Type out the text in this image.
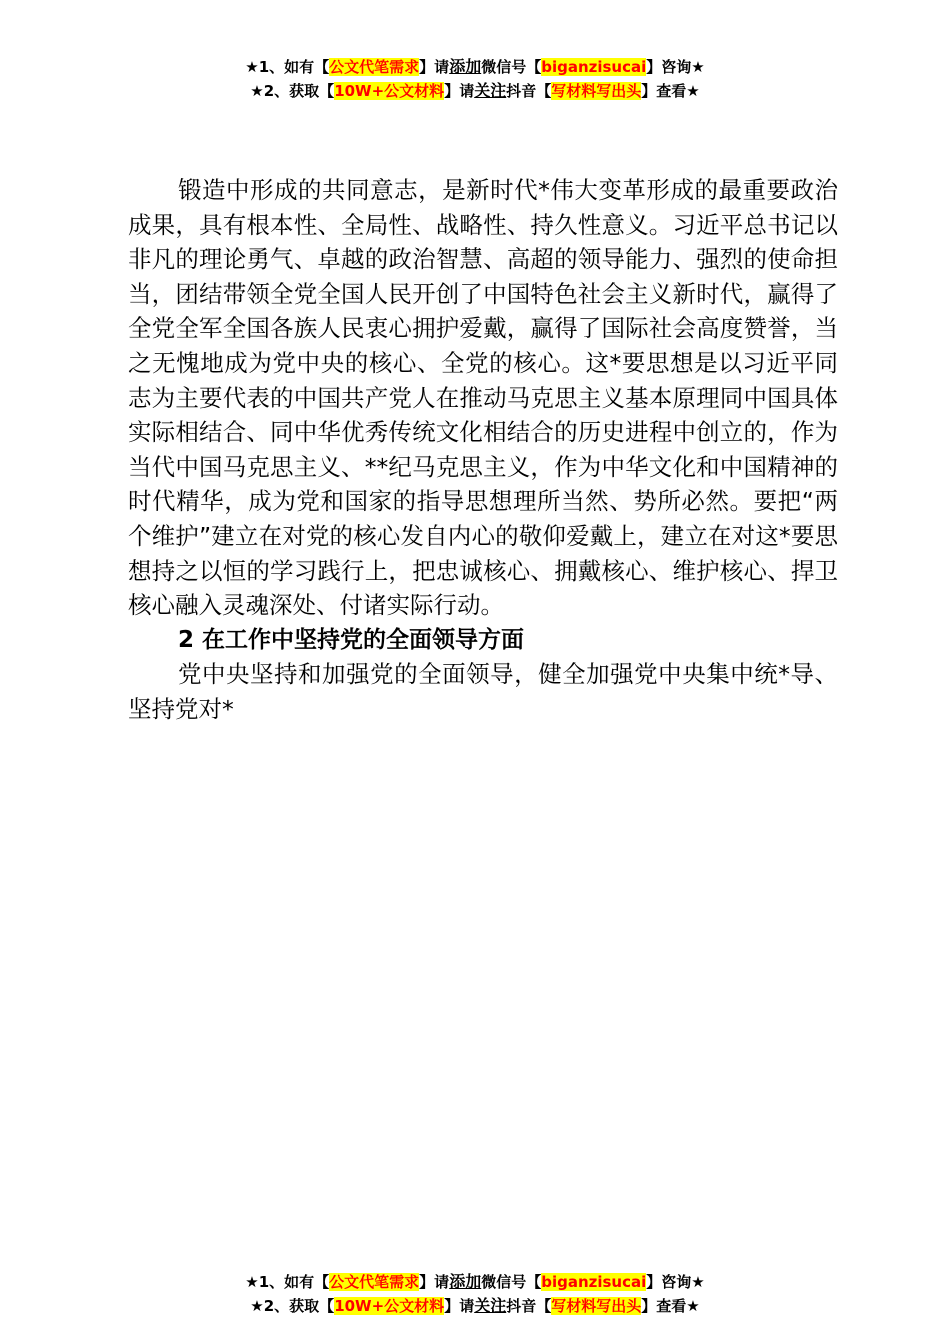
★1、如有【公文代笔需求】请添加微信号【biganzisucai】咨询★
★2、获取【10W+公文材料】请关注抖音【写材料写出头】查看★

锻造中形成的共同意志，是新时代*伟大变革形成的最重要政治成果，具有根本性、全局性、战略性、持久性意义。习近平总书记以非凡的理论勇气、卓越的政治智慧、高超的领导能力、强烈的使命担当，团结带领全党全国人民开创了中国特色社会主义新时代，赢得了全党全军全国各族人民衷心拥护爱戴，赢得了国际社会高度赞誉，当之无愧地成为党中央的核心、全党的核心。这*要思想是以习近平同志为主要代表的中国共产党人在推动马克思主义基本原理同中国具体实际相结合、同中华优秀传统文化相结合的历史进程中创立的，作为当代中国马克思主义、**纪马克思主义，作为中华文化和中国精神的时代精华，成为党和国家的指导思想理所当然、势所必然。要把“两个维护”建立在对党的核心发自内心的敬仰爱戴上，建立在对这*要思想持之以恒的学习践行上，把忠诚核心、拥戴核心、维护核心、捍卫核心融入灵魂深处、付诸实际行动。

2 在工作中坚持党的全面领导方面

党中央坚持和加强党的全面领导，健全加强党中央集中统*导、坚持党对*

★1、如有【公文代笔需求】请添加微信号【biganzisucai】咨询★
★2、获取【10W+公文材料】请关注抖音【写材料写出头】查看★
